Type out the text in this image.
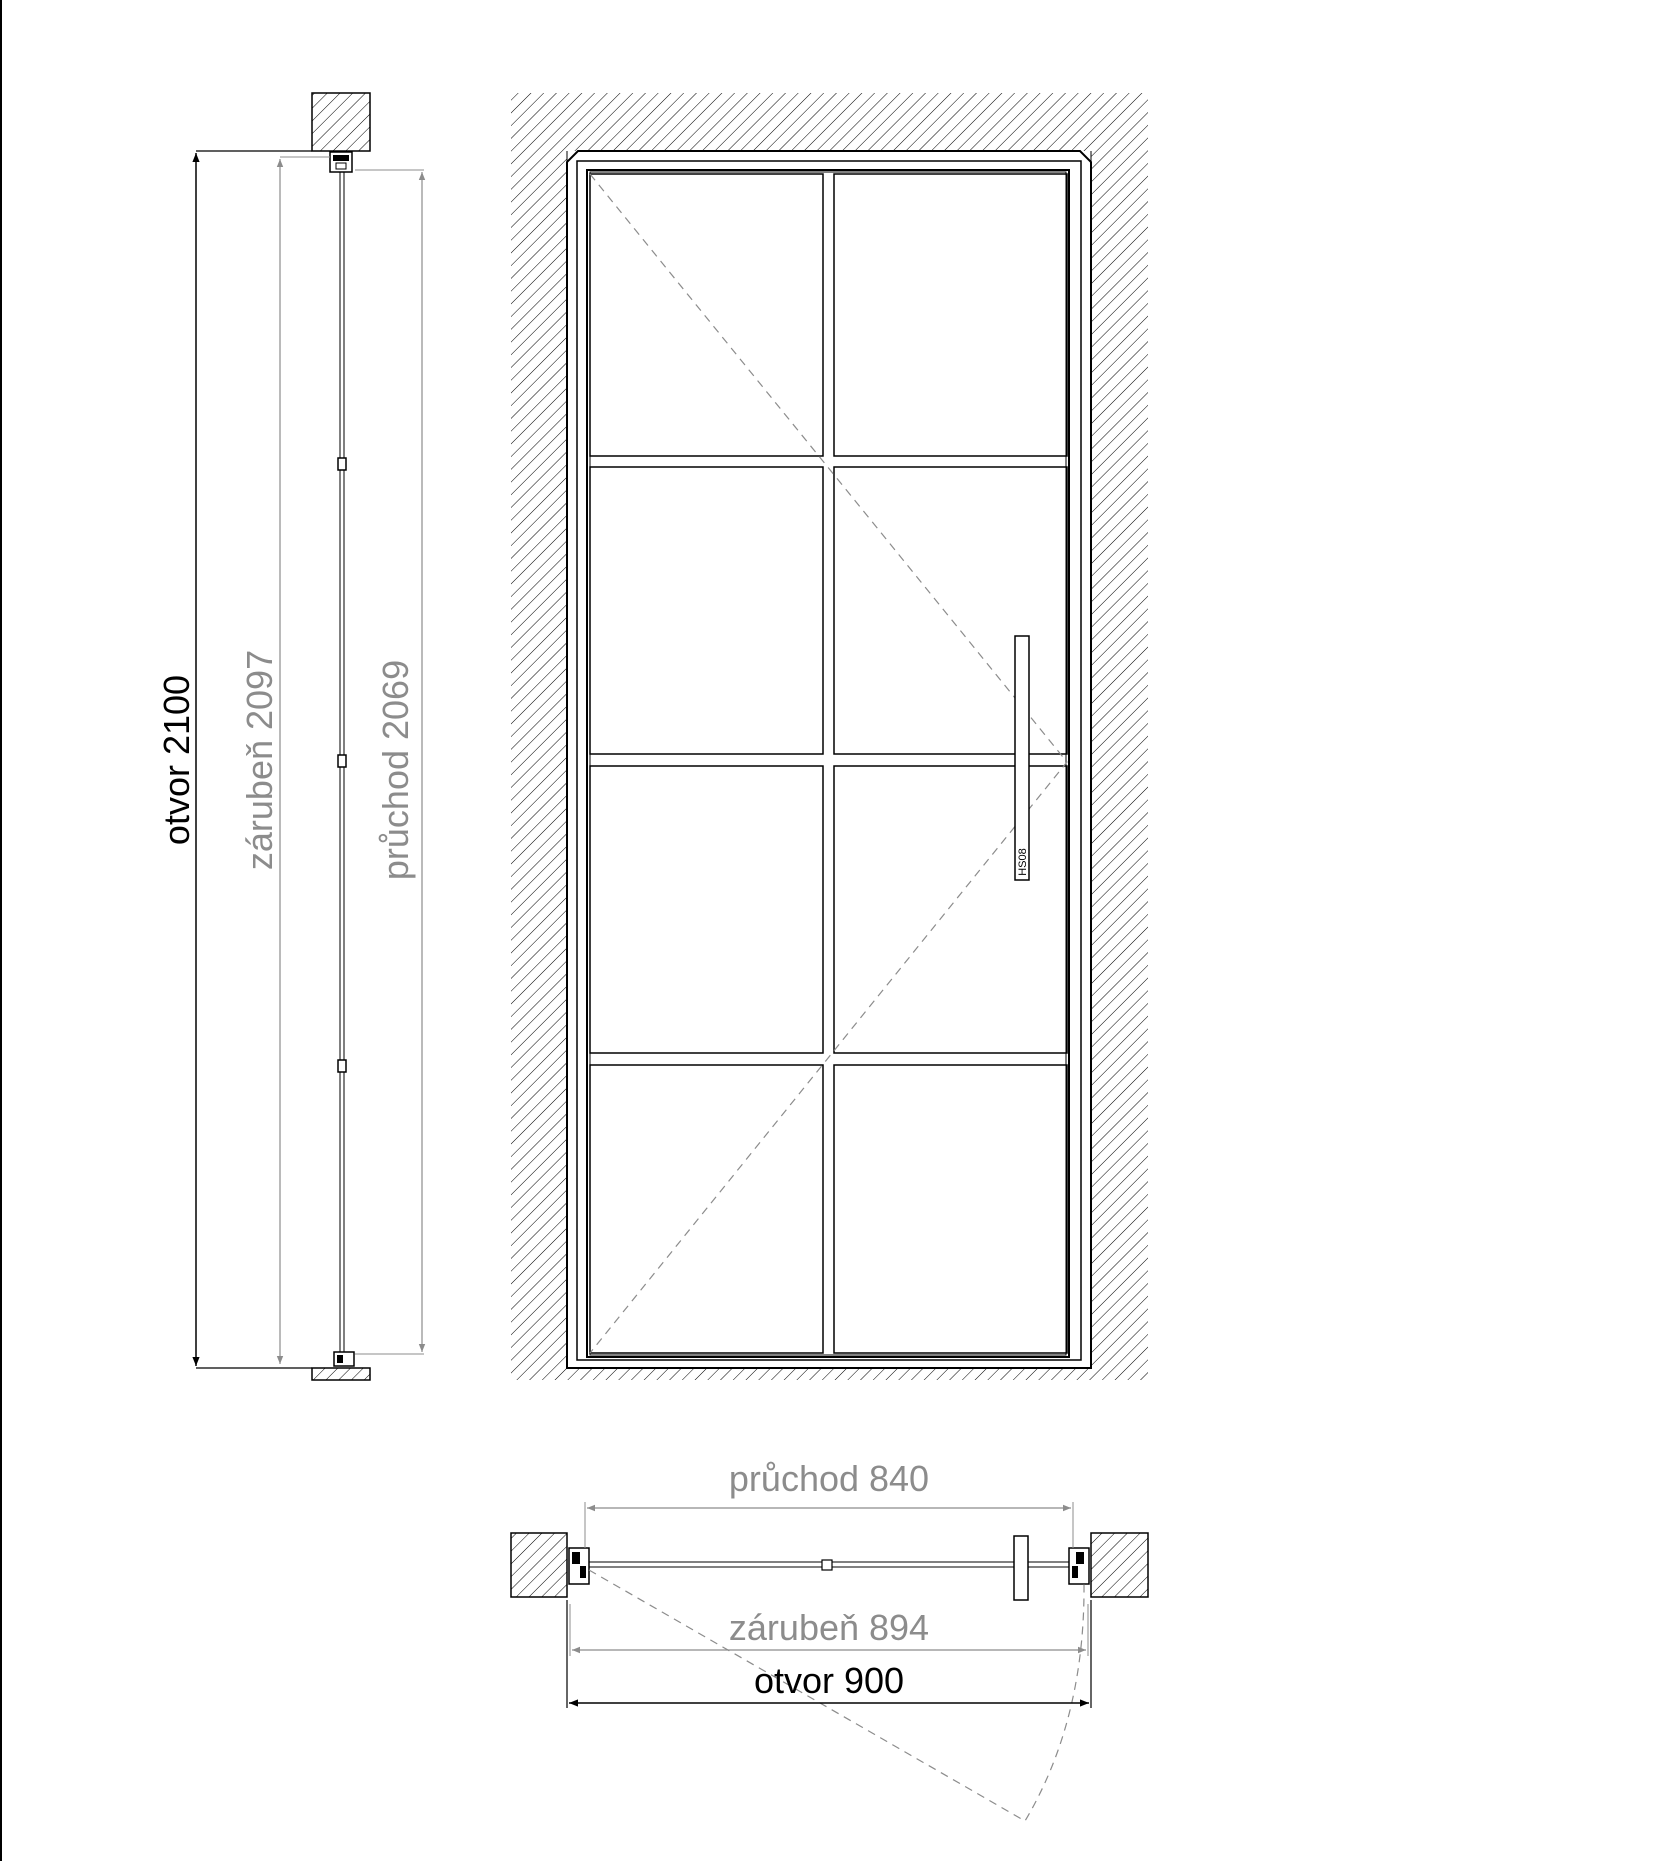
otvor 2100 zárubeň 2097	průchod 2069	HS08
průchod 840
zárubeň 894
otvor 900
